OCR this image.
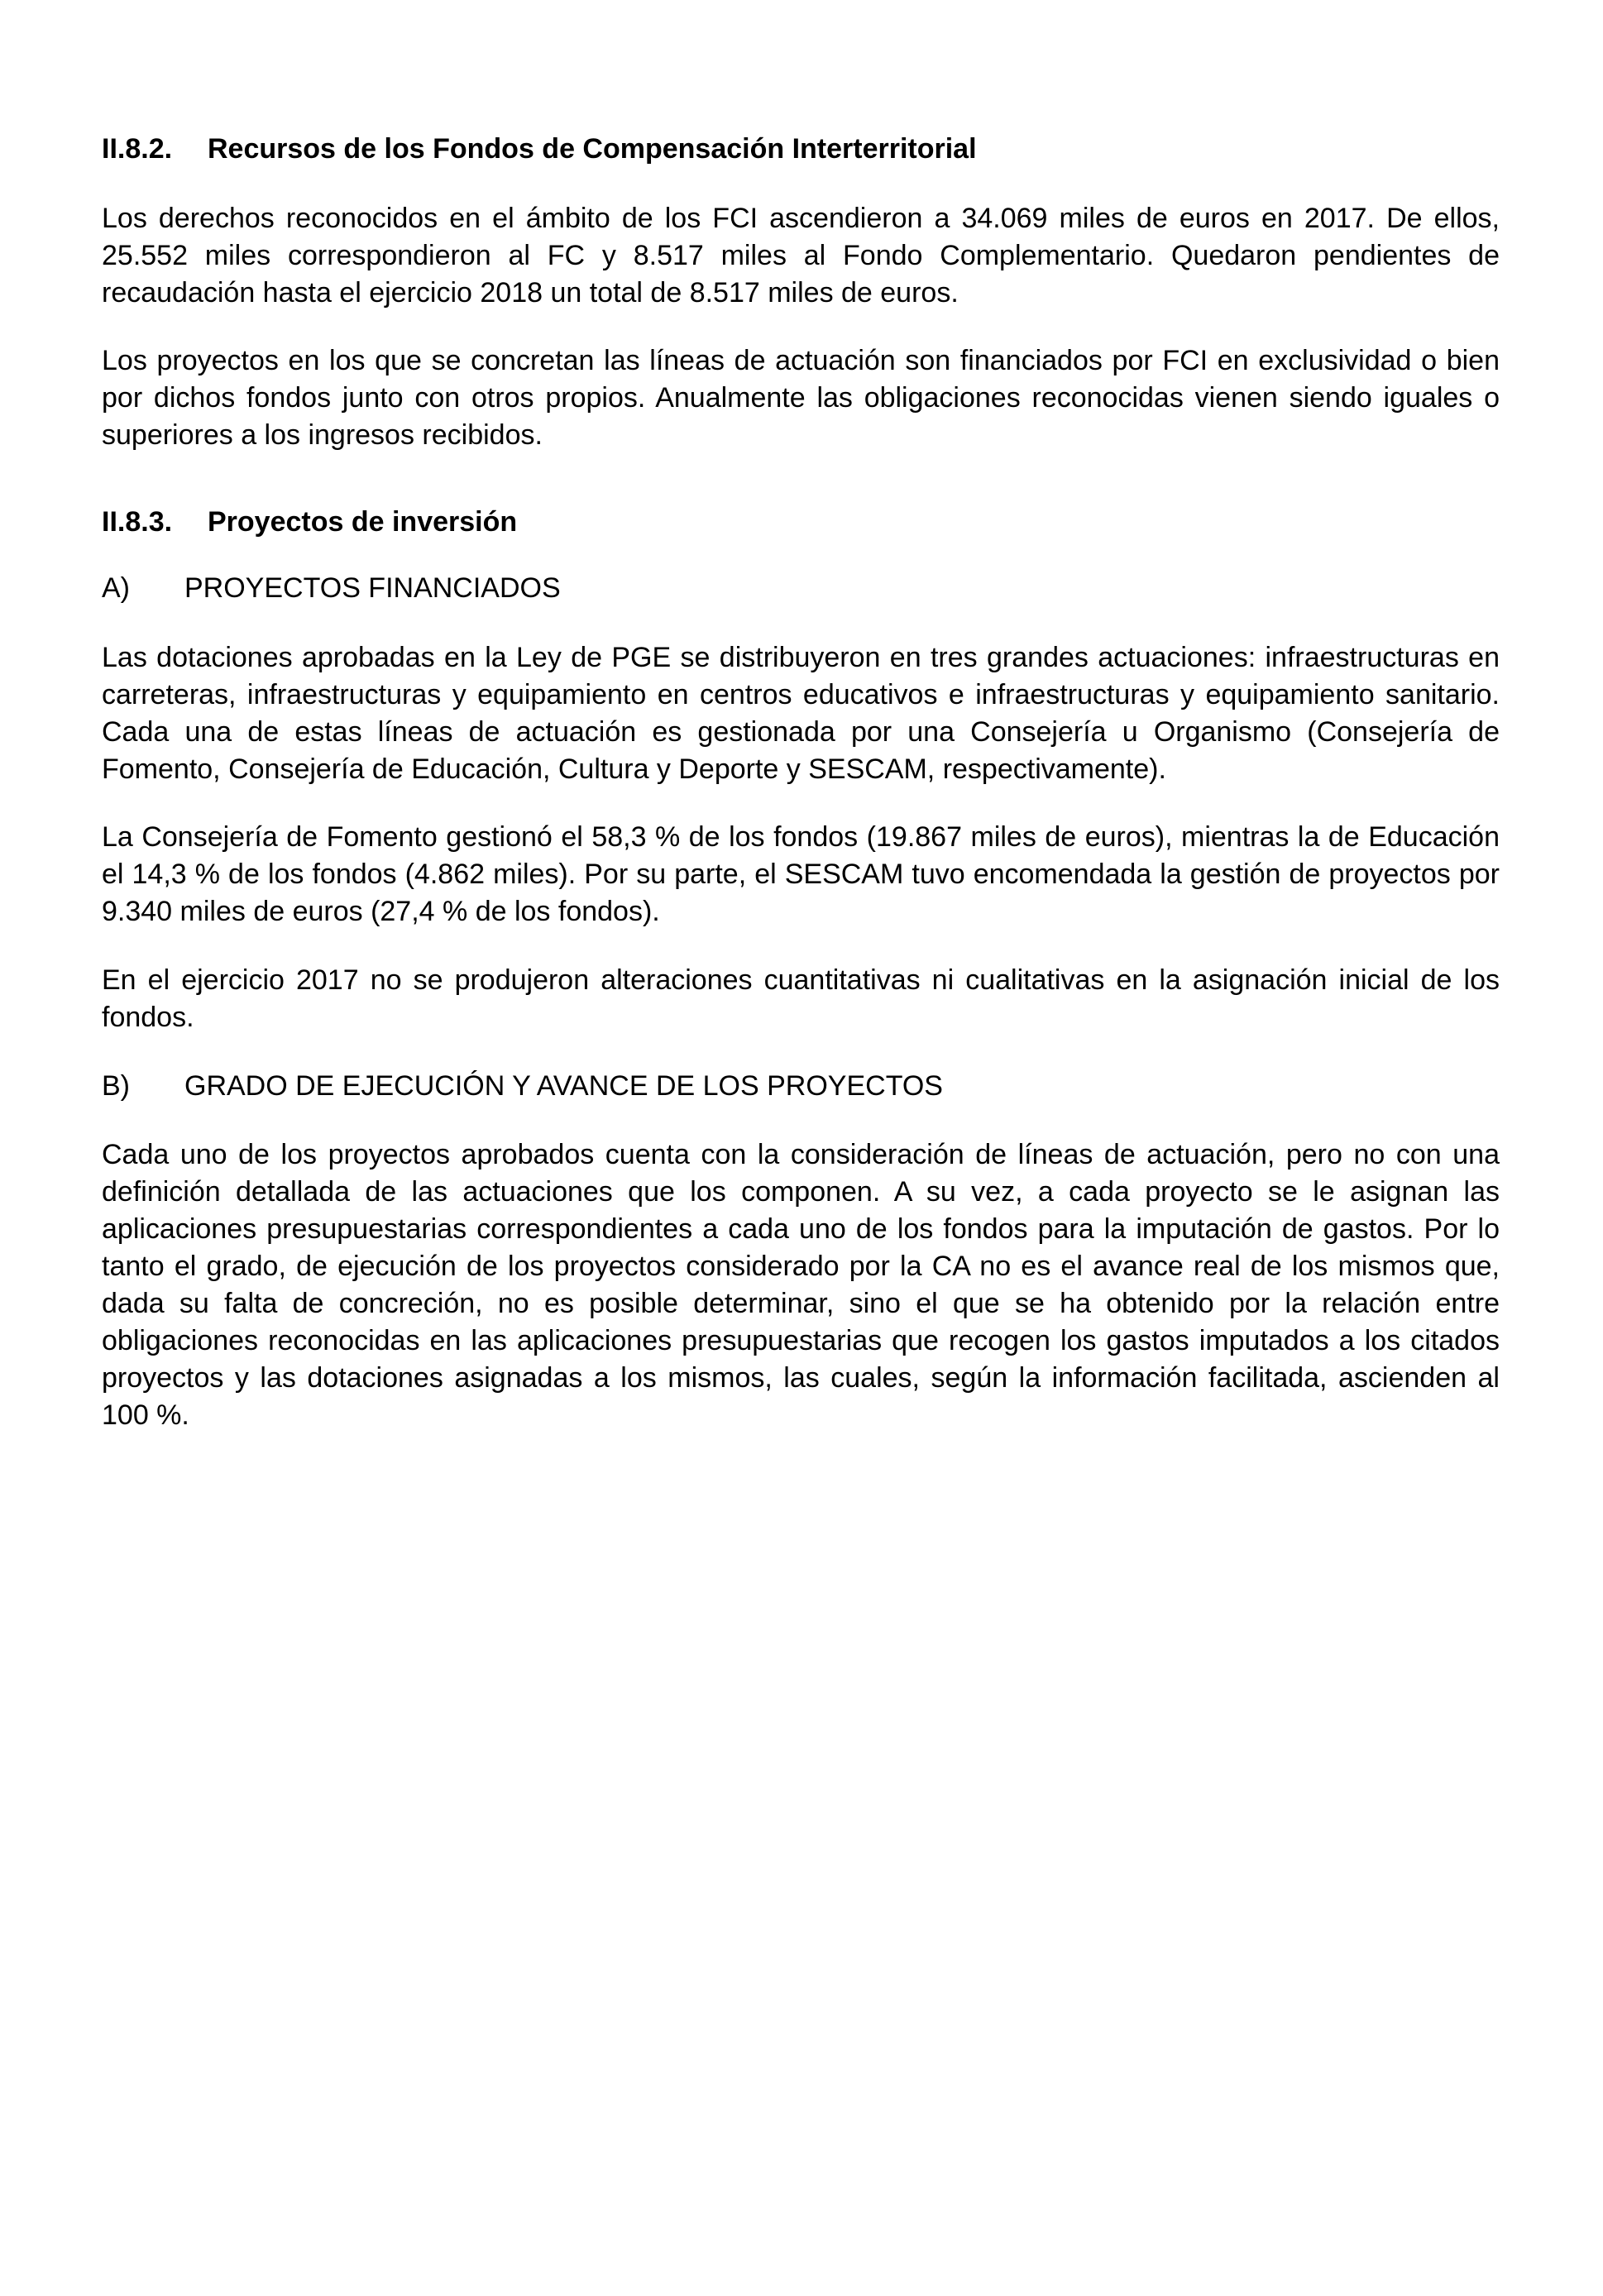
II.8.2.	Recursos de los Fondos de Compensación Interterritorial

Los derechos reconocidos en el ámbito de los FCI ascendieron a 34.069 miles de euros en 2017. De ellos, 25.552 miles correspondieron al FC y 8.517 miles al Fondo Complementario. Quedaron pendientes de recaudación hasta el ejercicio 2018 un total de 8.517 miles de euros.

Los proyectos en los que se concretan las líneas de actuación son financiados por FCI en exclusividad o bien por dichos fondos junto con otros propios. Anualmente las obligaciones reconocidas vienen siendo iguales o superiores a los ingresos recibidos.

II.8.3.	Proyectos de inversión
A)	PROYECTOS FINANCIADOS

Las dotaciones aprobadas en la Ley de PGE se distribuyeron en tres grandes actuaciones: infraestructuras en carreteras, infraestructuras y equipamiento en centros educativos e infraestructuras y equipamiento sanitario. Cada una de estas líneas de actuación es gestionada por una Consejería u Organismo (Consejería de Fomento, Consejería de Educación, Cultura y Deporte y SESCAM, respectivamente).

La Consejería de Fomento gestionó el 58,3 % de los fondos (19.867 miles de euros), mientras la de Educación el 14,3 % de los fondos (4.862 miles). Por su parte, el SESCAM tuvo encomendada la gestión de proyectos por 9.340 miles de euros (27,4 % de los fondos).

En el ejercicio 2017 no se produjeron alteraciones cuantitativas ni cualitativas en la asignación inicial de los fondos.

B)	GRADO DE EJECUCIÓN Y AVANCE DE LOS PROYECTOS

Cada uno de los proyectos aprobados cuenta con la consideración de líneas de actuación, pero no con una definición detallada de las actuaciones que los componen. A su vez, a cada proyecto se le asignan las aplicaciones presupuestarias correspondientes a cada uno de los fondos para la imputación de gastos. Por lo tanto el grado, de ejecución de los proyectos considerado por la CA no es el avance real de los mismos que, dada su falta de concreción, no es posible determinar, sino el que se ha obtenido por la relación entre obligaciones reconocidas en las aplicaciones presupuestarias que recogen los gastos imputados a los citados proyectos y las dotaciones asignadas a los mismos, las cuales, según la información facilitada, ascienden al 100 %.
